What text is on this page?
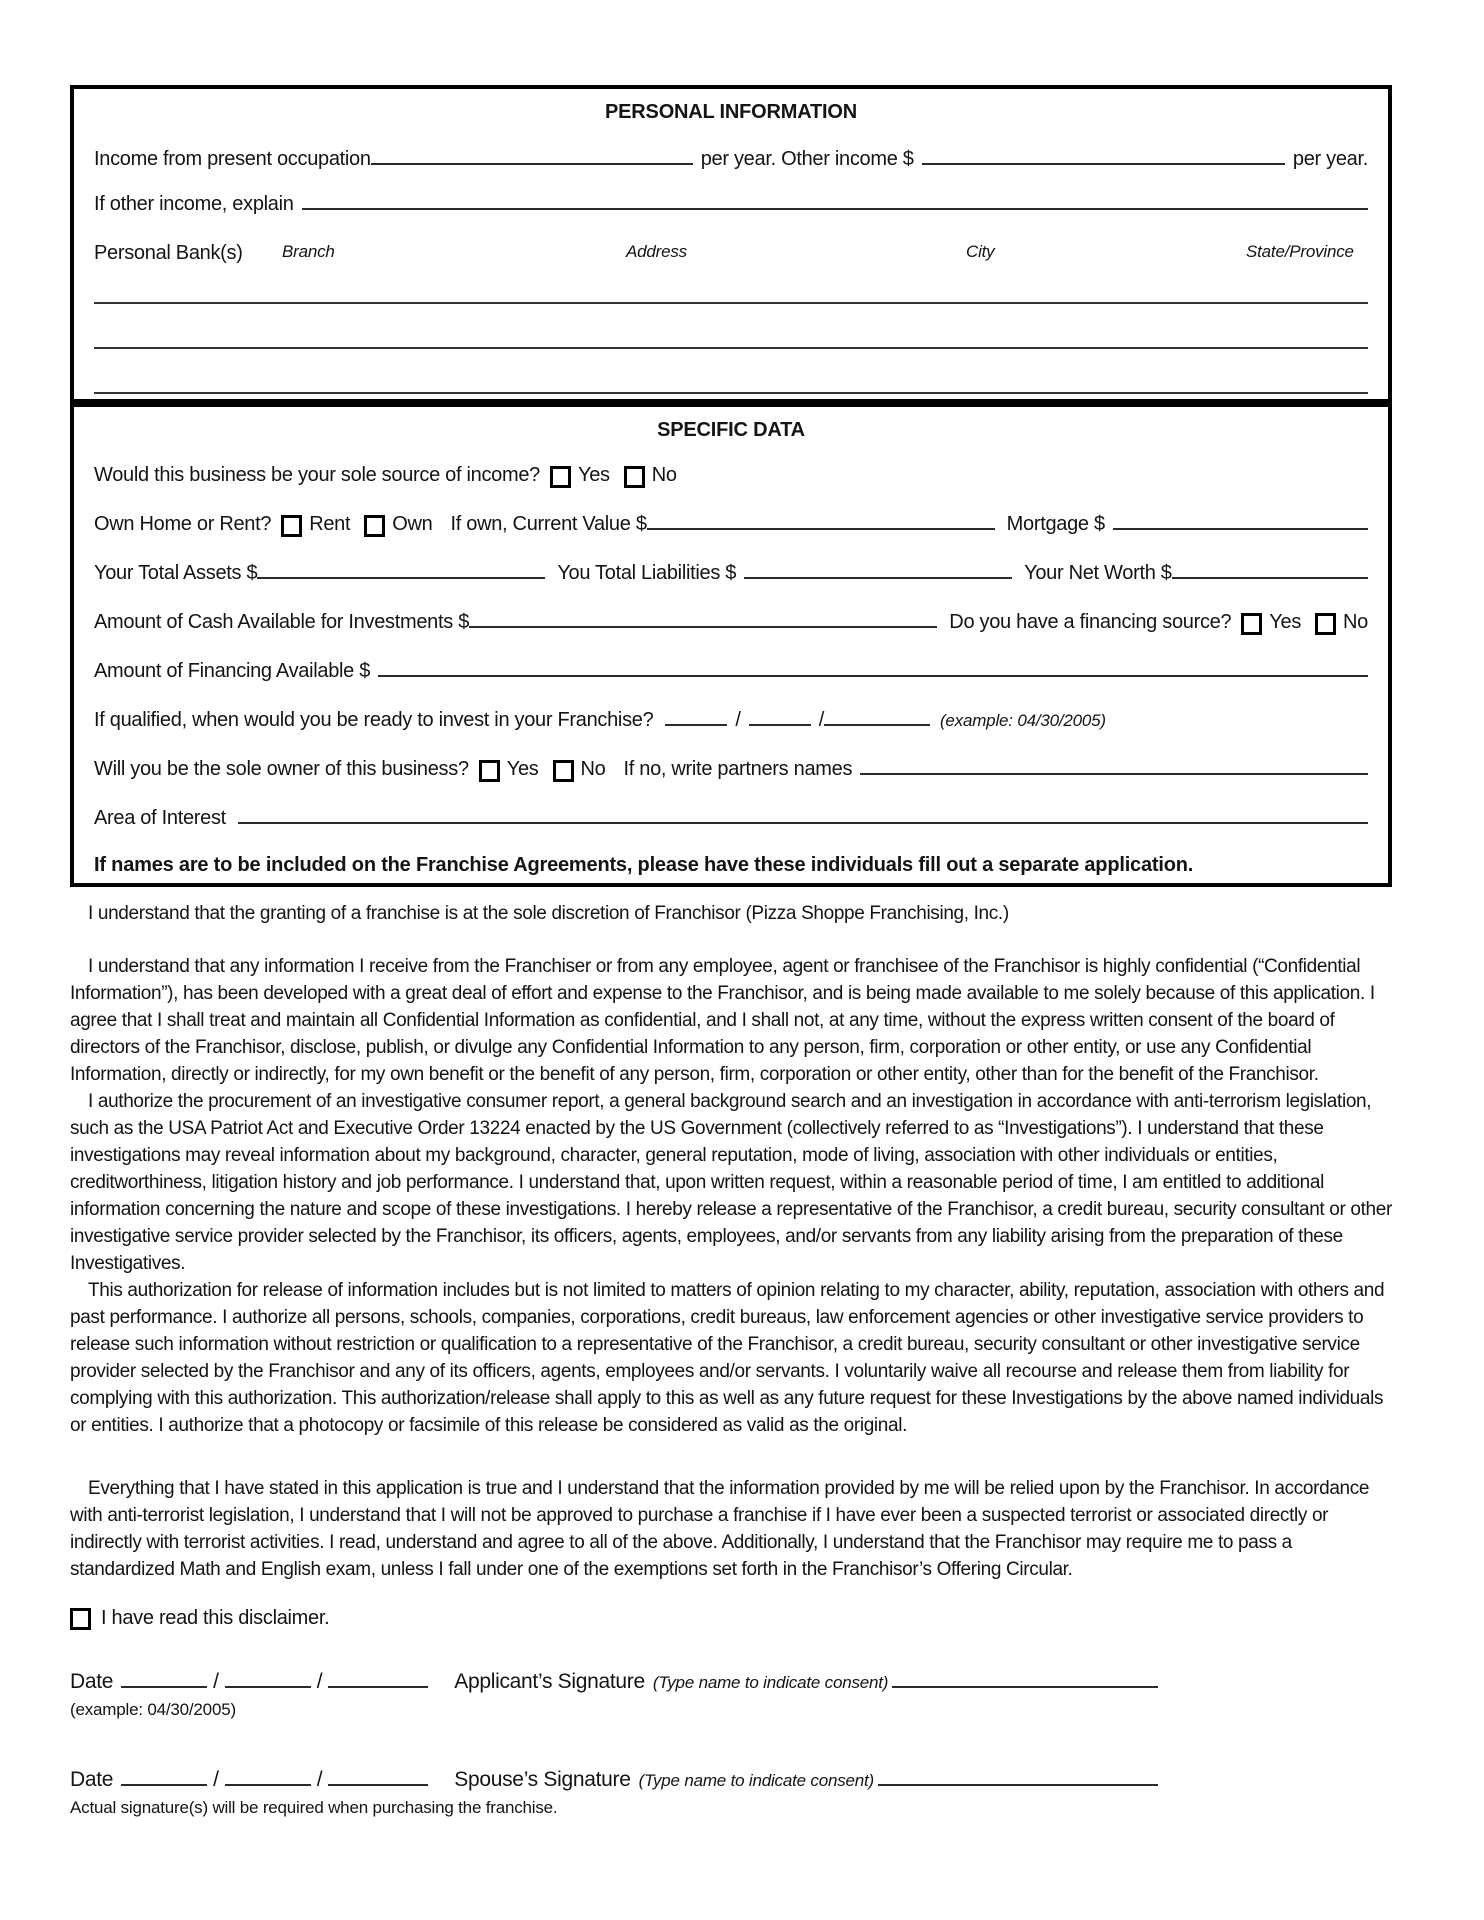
PERSONAL INFORMATION
Income from present occupation	per year. Other income $	per year.
If other income, explain
Personal Bank(s) Branch	Address	City	State/Province
SPECIFIC DATA
Would this business be your sole source of income? Yes No
Own Home or Rent? Rent Own If own, Current Value $	Mortgage $
Your Total Assets $	You Total Liabilities $	Your Net Worth $
Amount of Cash Available for Investments $	Do you have a financing source? Yes No
Amount of Financing Available $
If qualified, when would you be ready to invest in your Franchise?	/	/	(example: 04/30/2005)
Will you be the sole owner of this business? Yes No If no, write partners names
Area of Interest
If names are to be included on the Franchise Agreements, please have these individuals fill out a separate application.

I understand that the granting of a franchise is at the sole discretion of Franchisor (Pizza Shoppe Franchising, Inc.)

I understand that any information I receive from the Franchiser or from any employee, agent or franchisee of the Franchisor is highly confidential (“Confidential Information”), has been developed with a great deal of effort and expense to the Franchisor, and is being made available to me solely because of this application. I agree that I shall treat and maintain all Confidential Information as confidential, and I shall not, at any time, without the express written consent of the board of directors of the Franchisor, disclose, publish, or divulge any Confidential Information to any person, firm, corporation or other entity, or use any Confidential Information, directly or indirectly, for my own benefit or the benefit of any person, firm, corporation or other entity, other than for the benefit of the Franchisor.

I authorize the procurement of an investigative consumer report, a general background search and an investigation in accordance with anti-terrorism legislation, such as the USA Patriot Act and Executive Order 13224 enacted by the US Government (collectively referred to as “Investigations”). I understand that these investigations may reveal information about my background, character, general reputation, mode of living, association with other individuals or entities, creditworthiness, litigation history and job performance. I understand that, upon written request, within a reasonable period of time, I am entitled to additional information concerning the nature and scope of these investigations. I hereby release a representative of the Franchisor, a credit bureau, security consultant or other investigative service provider selected by the Franchisor, its officers, agents, employees, and/or servants from any liability arising from the preparation of these Investigatives.

This authorization for release of information includes but is not limited to matters of opinion relating to my character, ability, reputation, association with others and past performance. I authorize all persons, schools, companies, corporations, credit bureaus, law enforcement agencies or other investigative service providers to release such information without restriction or qualification to a representative of the Franchisor, a credit bureau, security consultant or other investigative service provider selected by the Franchisor and any of its officers, agents, employees and/or servants. I voluntarily waive all recourse and release them from liability for complying with this authorization. This authorization/release shall apply to this as well as any future request for these Investigations by the above named individuals or entities. I authorize that a photocopy or facsimile of this release be considered as valid as the original.

Everything that I have stated in this application is true and I understand that the information provided by me will be relied upon by the Franchisor. In accordance with anti-terrorist legislation, I understand that I will not be approved to purchase a franchise if I have ever been a suspected terrorist or associated directly or indirectly with terrorist activities. I read, understand and agree to all of the above. Additionally, I understand that the Franchisor may require me to pass a standardized Math and English exam, unless I fall under one of the exemptions set forth in the Franchisor’s Offering Circular.

I have read this disclaimer.
Date	/	/	Applicant’s Signature (Type name to indicate consent)
(example: 04/30/2005)
Date	/	/	Spouse’s Signature (Type name to indicate consent)
Actual signature(s) will be required when purchasing the franchise.
